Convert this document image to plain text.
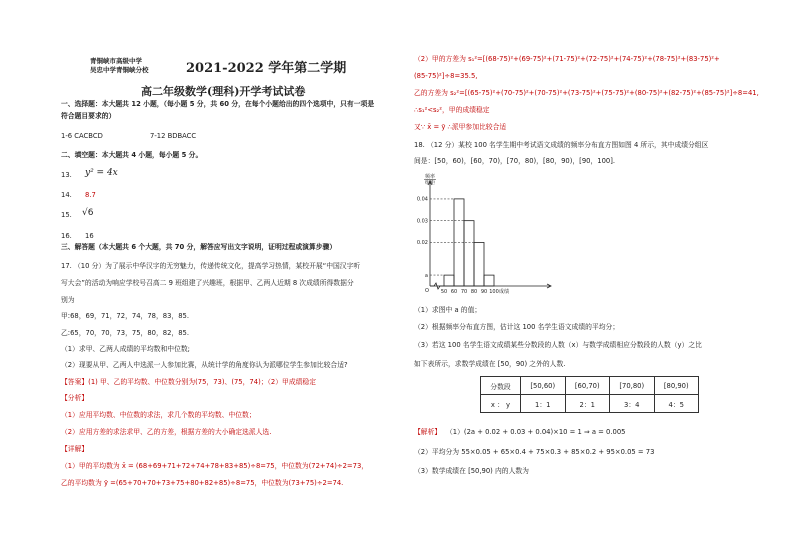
青铜峡市高级中学
吴忠中学青铜峡分校	2021-2022 学年第二学期
高二年级数学(理科)开学考试试卷
一、选择题：本大题共 12 小题，（每小题 5 分，共 60 分，在每个小题给出的四个选项中，只有一项是
符合题目要求的）
1-6 CACBCD	7-12 BDBACC
二、填空题：本大题共 4 小题，每小题 5 分。
13. y² = 4x
14. 8.7
15. √6
16. 16
三、解答题（本大题共 6 个大题，共 70 分，解答应写出文字说明，证明过程或演算步骤）
17. （10 分）为了展示中华汉字的无穷魅力，传递传统文化，提高学习热情，某校开展“中国汉字听
写大会”的活动为响应学校号召高二 9 班组建了兴趣班，根据甲、乙两人近期 8 次成绩所得数据分
别为
甲:68，69，71，72，74，78，83，85.
乙:65，70，70，73，75，80，82，85.
（1）求甲、乙两人成绩的平均数和中位数;
（2）现要从甲、乙两人中选派一人参加比赛，从统计学的角度你认为派哪位学生参加比较合适?
【答案】(1) 甲、乙的平均数、中位数分别为(75，73)、(75，74)；（2）甲成绩稳定
【分析】
（1）应用平均数、中位数的求法，求几个数的平均数、中位数；
（2）应用方差的求法求甲、乙的方差，根据方差的大小确定选派人选.
【详解】
（1）甲的平均数为 x̄ = (68+69+71+72+74+78+83+85)÷8=75，中位数为(72+74)÷2=73，
乙的平均数为 ȳ =(65+70+70+73+75+80+82+85)÷8=75，中位数为(73+75)÷2=74.
（2）甲的方差为 s₁²=[(68-75)²+(69-75)²+(71-75)²+(72-75)²+(74-75)²+(78-75)²+(83-75)²+
(85-75)²]÷8=35.5,
乙的方差为 s₂²=[(65-75)²+(70-75)²+(70-75)²+(73-75)²+(75-75)²+(80-75)²+(82-75)²+(85-75)²]÷8=41,
∴s₁²<s₂²，甲的成绩稳定
又∵ x̄ = ȳ ∴派甲参加比较合适
18. （12 分）某校 100 名学生期中考试语文成绩的频率分布直方图如图 4 所示，其中成绩分组区
间是：[50，60)，[60，70)，[70，80)，[80，90)，[90，100].
a
0.02
0.03
0.04
O 50 60 70 80 90 100
频率
组距
成绩
（1）求图中 a 的值；
（2）根据频率分布直方图，估计这 100 名学生语文成绩的平均分；
（3）若这 100 名学生语文成绩某些分数段的人数（x）与数学成绩相应分数段的人数（y）之比
如下表所示，求数学成绩在 [50，90) 之外的人数.
分数段	[50,60)	[60,70)	[70,80)	[80,90)
x ： y	1：1	2：1	3：4	4：5
【解析】 （1）(2a + 0.02 + 0.03 + 0.04)×10 = 1 ⇒ a = 0.005
（2）平均分为 55×0.05 + 65×0.4 + 75×0.3 + 85×0.2 + 95×0.05 = 73
（3）数学成绩在 [50,90) 内的人数为
